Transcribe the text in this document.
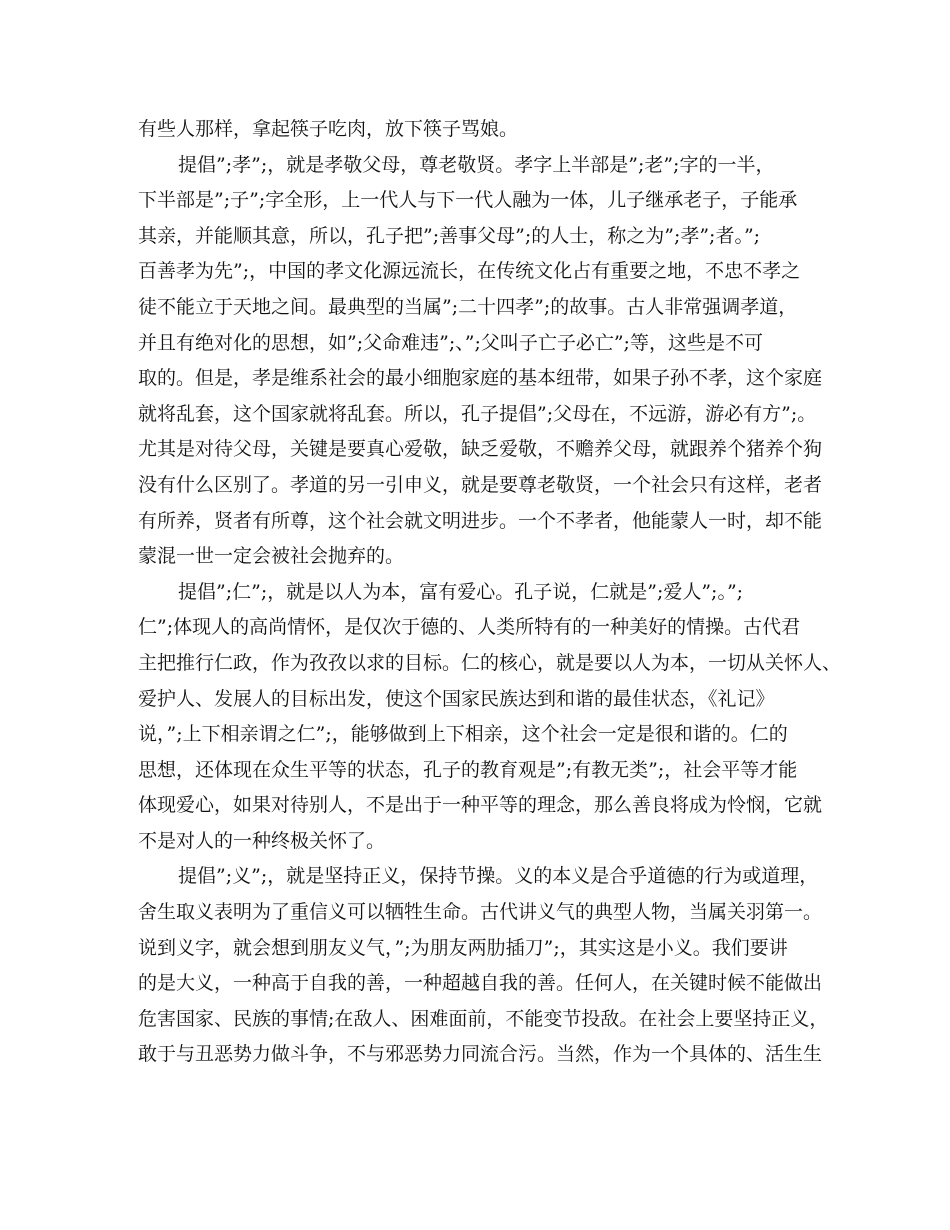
有些人那样，拿起筷子吃肉，放下筷子骂娘。
提倡”;孝”;，就是孝敬父母，尊老敬贤。孝字上半部是”;老”;字的一半，
下半部是”;子”;字全形，上一代人与下一代人融为一体，儿子继承老子，子能承
其亲，并能顺其意，所以，孔子把”;善事父母”;的人士，称之为”;孝”;者。”;
百善孝为先”;，中国的孝文化源远流长，在传统文化占有重要之地，不忠不孝之
徒不能立于天地之间。最典型的当属”;二十四孝”;的故事。古人非常强调孝道，
并且有绝对化的思想，如”;父命难违”;、”;父叫子亡子必亡”;等，这些是不可
取的。但是，孝是维系社会的最小细胞家庭的基本纽带，如果子孙不孝，这个家庭
就将乱套，这个国家就将乱套。所以，孔子提倡”;父母在，不远游，游必有方”;。
尤其是对待父母，关键是要真心爱敬，缺乏爱敬，不赡养父母，就跟养个猪养个狗
没有什么区别了。孝道的另一引申义，就是要尊老敬贤，一个社会只有这样，老者
有所养，贤者有所尊，这个社会就文明进步。一个不孝者，他能蒙人一时，却不能
蒙混一世一定会被社会抛弃的。
提倡”;仁”;，就是以人为本，富有爱心。孔子说，仁就是”;爱人”;。”;
仁”;体现人的高尚情怀，是仅次于德的、人类所特有的一种美好的情操。古代君
主把推行仁政，作为孜孜以求的目标。仁的核心，就是要以人为本，一切从关怀人、
爱护人、发展人的目标出发，使这个国家民族达到和谐的最佳状态，《礼记》
说，”;上下相亲谓之仁”;，能够做到上下相亲，这个社会一定是很和谐的。仁的
思想，还体现在众生平等的状态，孔子的教育观是”;有教无类”;，社会平等才能
体现爱心，如果对待别人，不是出于一种平等的理念，那么善良将成为怜悯，它就
不是对人的一种终极关怀了。
提倡”;义”;，就是坚持正义，保持节操。义的本义是合乎道德的行为或道理，
舍生取义表明为了重信义可以牺牲生命。古代讲义气的典型人物，当属关羽第一。
说到义字，就会想到朋友义气，”;为朋友两肋插刀”;，其实这是小义。我们要讲
的是大义，一种高于自我的善，一种超越自我的善。任何人，在关键时候不能做出
危害国家、民族的事情;在敌人、困难面前，不能变节投敌。在社会上要坚持正义，
敢于与丑恶势力做斗争，不与邪恶势力同流合污。当然，作为一个具体的、活生生
